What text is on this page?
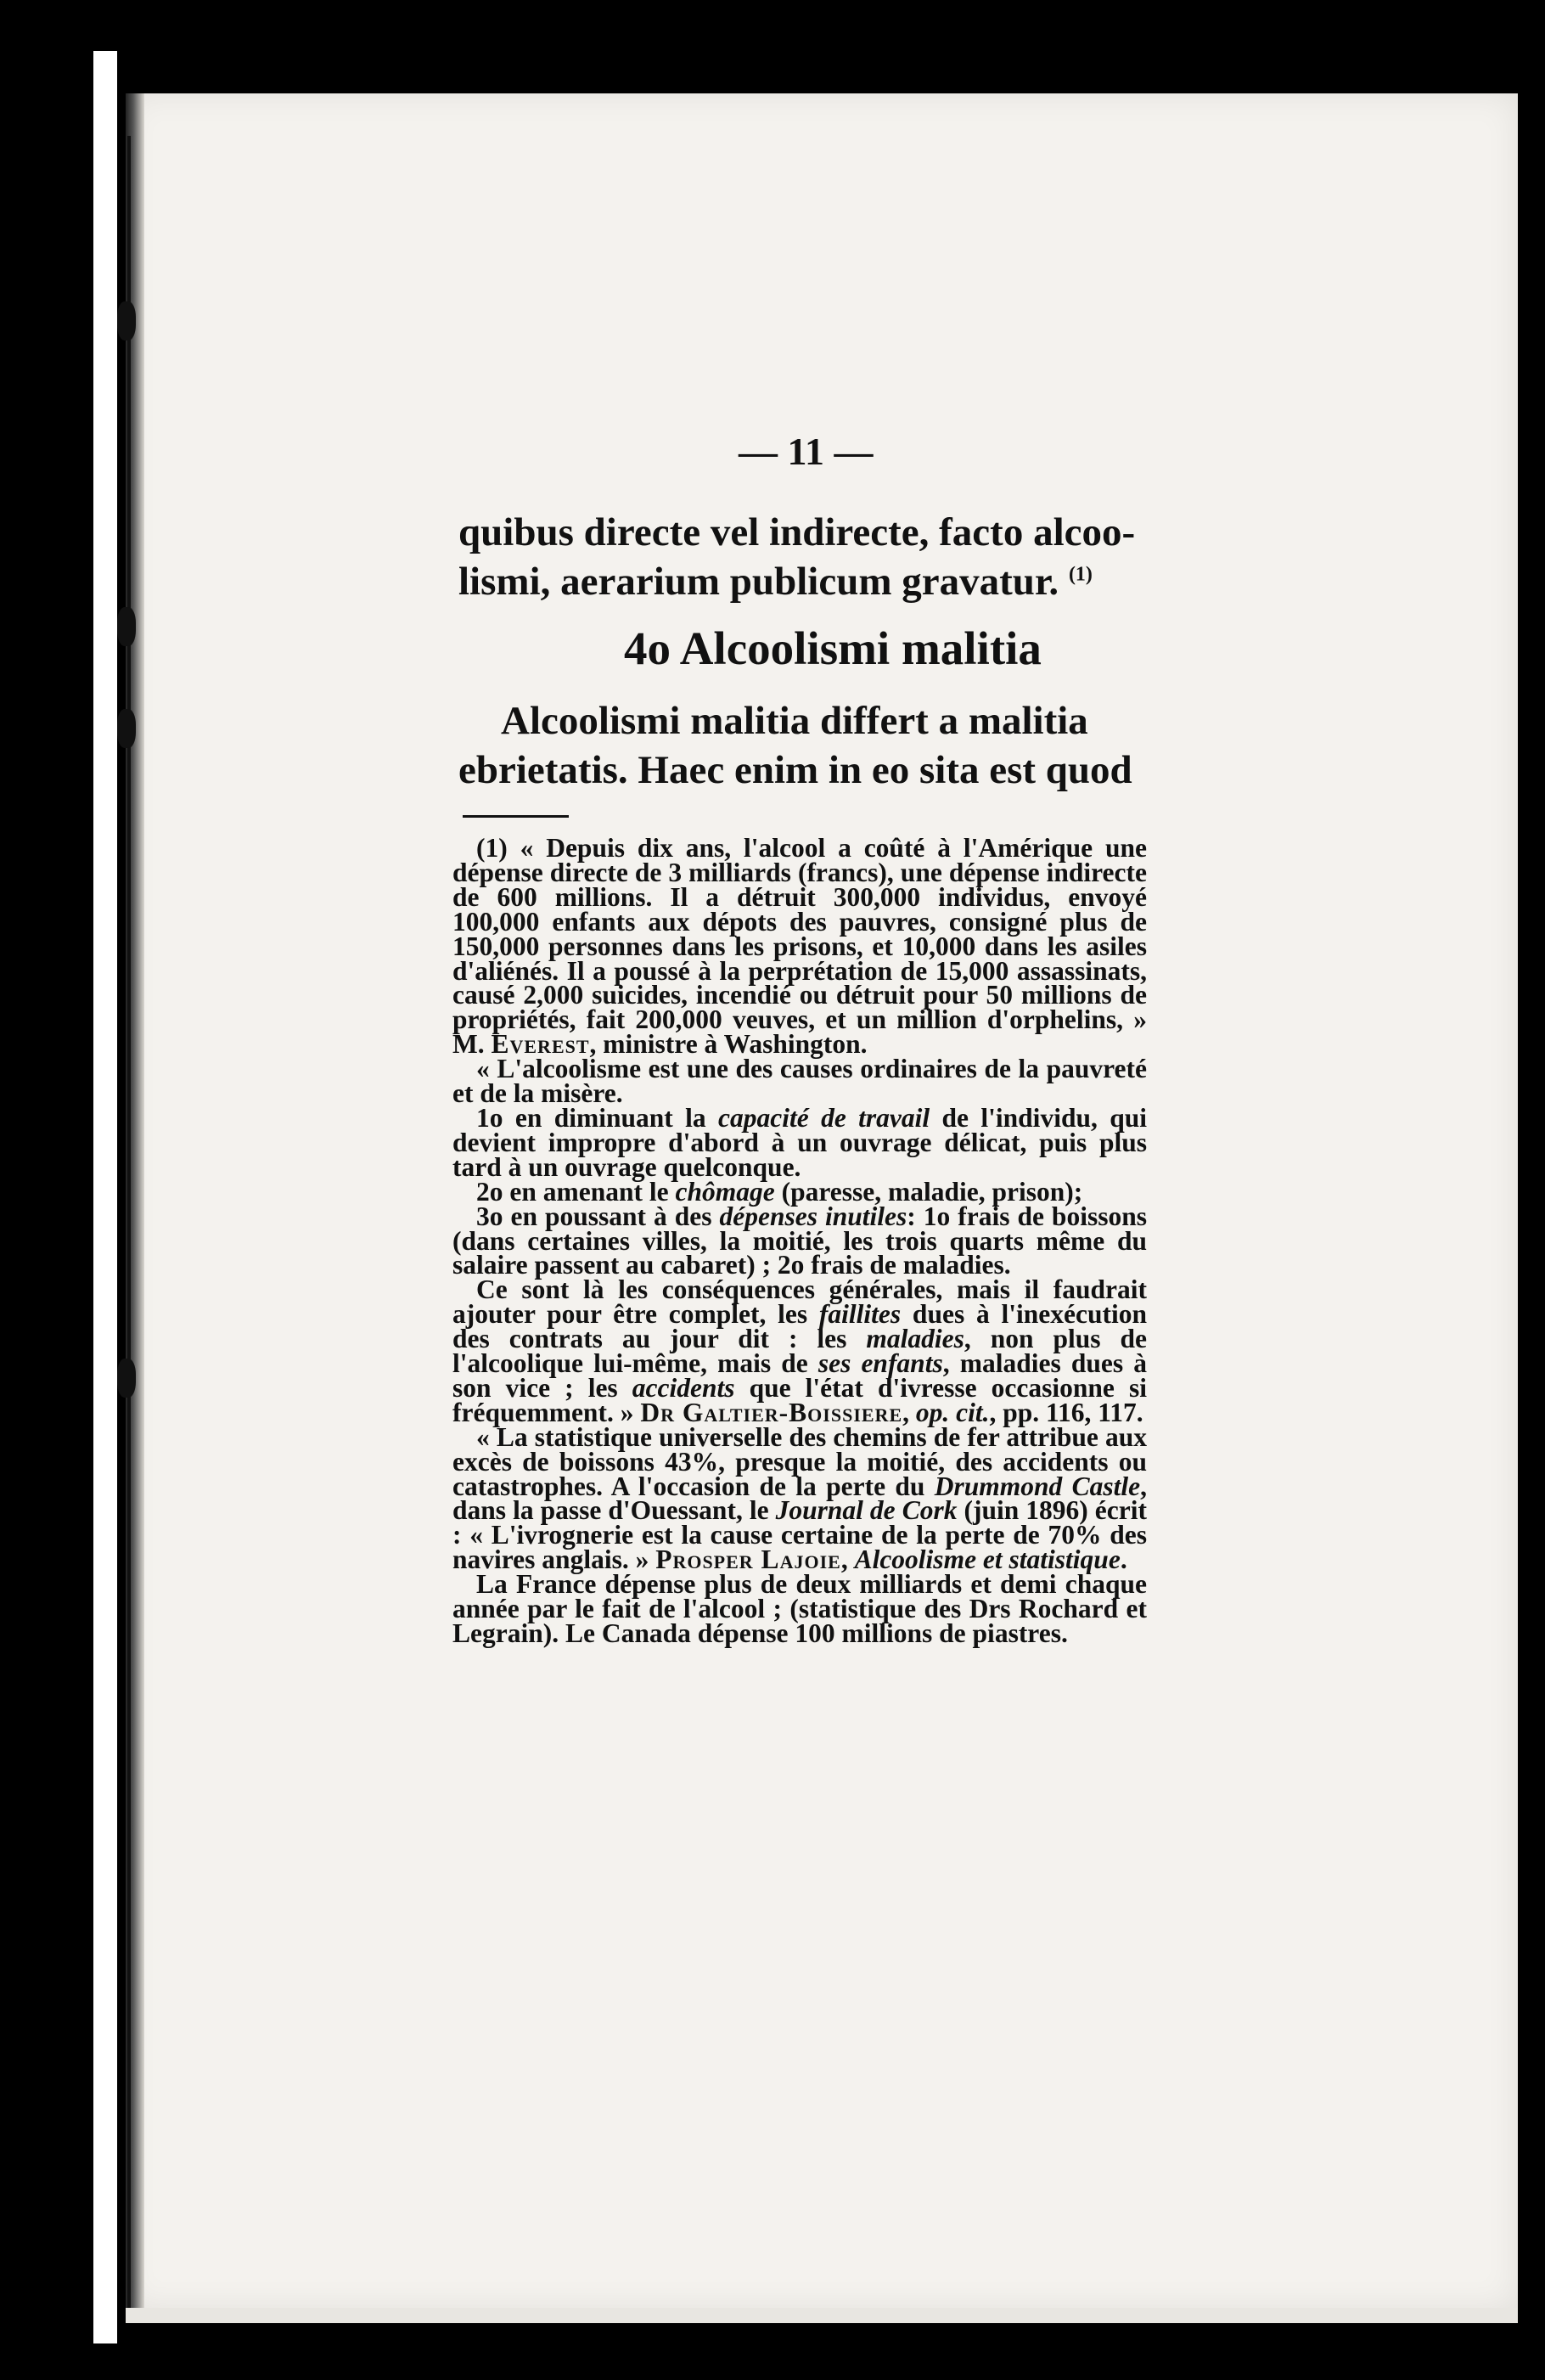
— 11 —
quibus directe vel indirecte, facto alcoo-
lismi, aerarium publicum gravatur. $^{(1)}$
4o Alcoolismi malitia
Alcoolismi malitia differt a malitia
ebrietatis. Haec enim in eo sita est quod

(1) « Depuis dix ans, l'alcool a coûté à l'Amérique une dépense directe de 3 milliards (francs), une dépense indirecte de 600 millions. Il a détruit 300,000 individus, envoyé 100,000 enfants aux dépots des pauvres, consigné plus de 150,000 personnes dans les prisons, et 10,000 dans les asiles d'aliénés. Il a poussé à la perprétation de 15,000 assassinats, causé 2,000 suicides, incendié ou détruit pour 50 millions de propriétés, fait 200,000 veuves, et un million d'orphelins, » M. Everest, ministre à Washington.

« L'alcoolisme est une des causes ordinaires de la pauvreté et de la misère.

1o en diminuant la capacité de travail de l'individu, qui devient impropre d'abord à un ouvrage délicat, puis plus tard à un ouvrage quelconque.

2o en amenant le chômage (paresse, maladie, prison);

3o en poussant à des dépenses inutiles: 1o frais de boissons (dans certaines villes, la moitié, les trois quarts même du salaire passent au cabaret) ; 2o frais de maladies.

Ce sont là les conséquences générales, mais il faudrait ajouter pour être complet, les faillites dues à l'inexécution des contrats au jour dit : les maladies, non plus de l'alcoolique lui-même, mais de ses enfants, maladies dues à son vice ; les accidents que l'état d'ivresse occasionne si fréquemment. » Dr Galtier-Boissiere, op. cit., pp. 116, 117.

« La statistique universelle des chemins de fer attribue aux excès de boissons 43%, presque la moitié, des accidents ou catastrophes. A l'occasion de la perte du Drummond Castle, dans la passe d'Ouessant, le Journal de Cork (juin 1896) écrit : « L'ivrognerie est la cause certaine de la perte de 70% des navires anglais. » Prosper Lajoie, Alcoolisme et statistique.

La France dépense plus de deux milliards et demi chaque année par le fait de l'alcool ; (statistique des Drs Rochard et Legrain). Le Canada dépense 100 millions de piastres.
